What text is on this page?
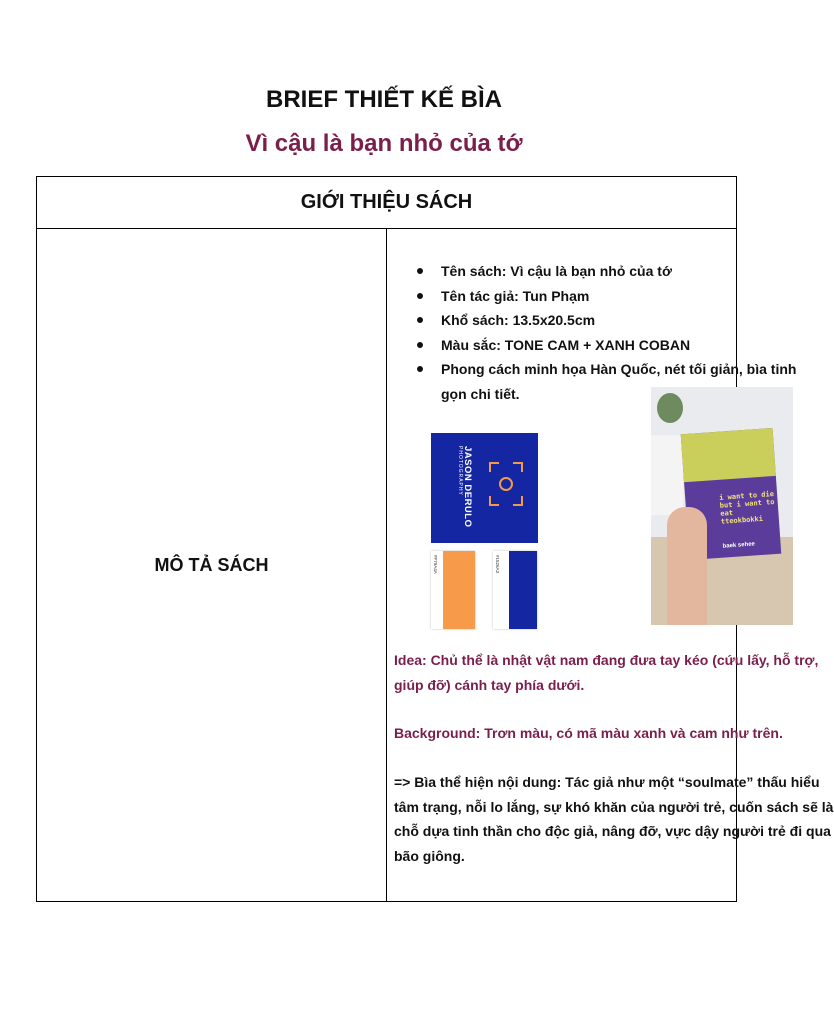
BRIEF THIẾT KẾ BÌA
Vì cậu là bạn nhỏ của tớ
GIỚI THIỆU SÁCH
MÔ TẢ SÁCH	
Tên sách: Vì cậu là bạn nhỏ của tớ
Tên tác giả: Tun Phạm
Khổ sách: 13.5x20.5cm
Màu sắc: TONE CAM + XANH COBAN
Phong cách minh họa Hàn Quốc, nét tối giản, bìa tinh gọn chi tiết.
JASON DERULO
PHOTOGRAPHY
#F79A4A	#1526A3
i want to die but i want to eat tteokbokki
baek sehee
Idea: Chủ thể là nhật vật nam đang đưa tay kéo (cứu lấy, hỗ trợ, giúp đỡ) cánh tay phía dưới.
Background: Trơn màu, có mã màu xanh và cam như trên.
=> Bìa thể hiện nội dung: Tác giả như một “soulmate” thấu hiểu tâm trạng, nỗi lo lắng, sự khó khăn của người trẻ, cuốn sách sẽ là chỗ dựa tinh thần cho độc giả, nâng đỡ, vực dậy người trẻ đi qua bão giông.
